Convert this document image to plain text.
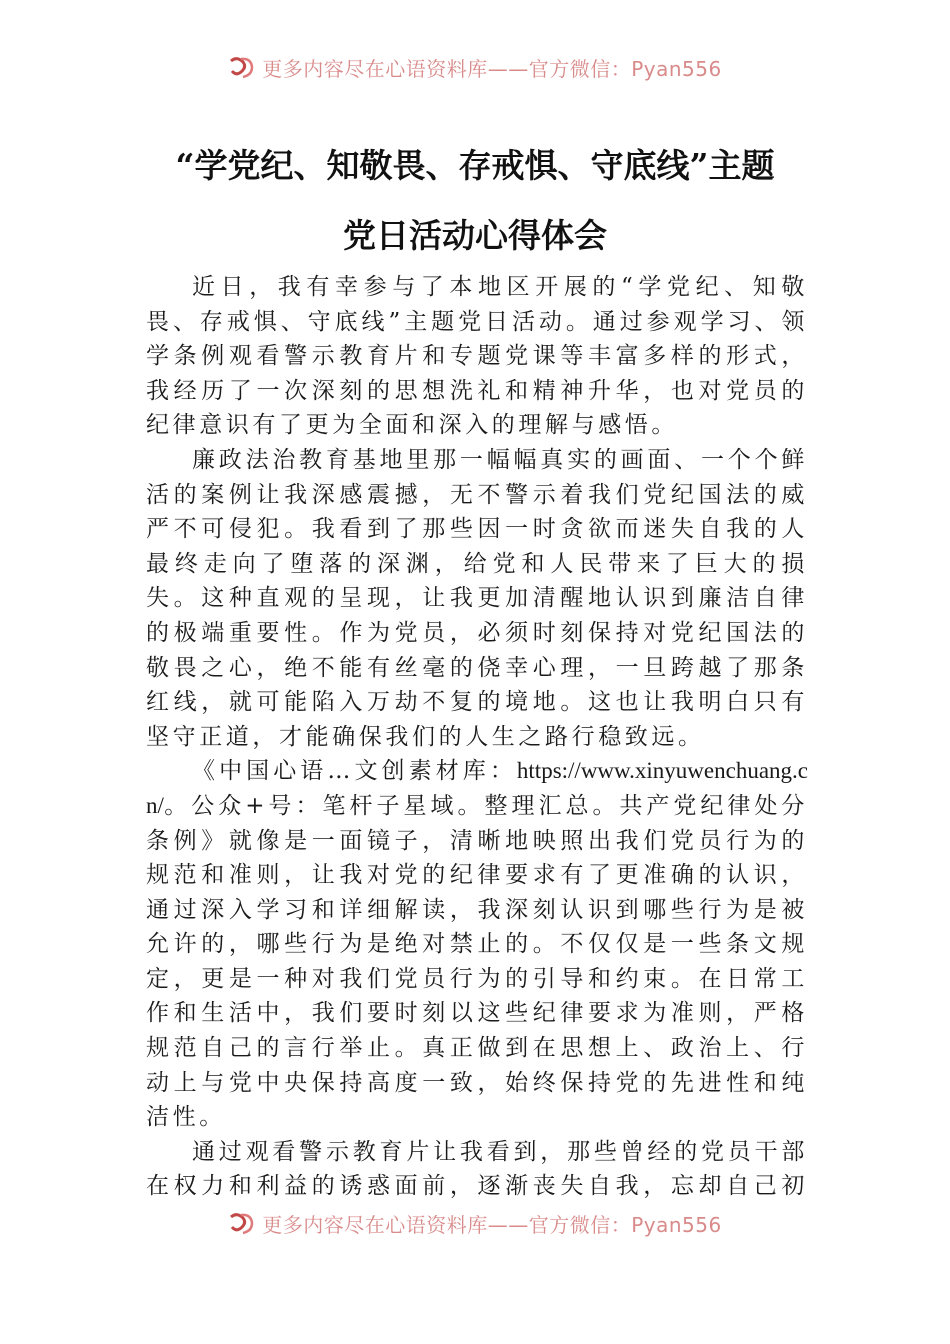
更多内容尽在心语资料库——官方微信：Pyan556
“学党纪、知敬畏、存戒惧、守底线”主题
党日活动心得体会

近日，我有幸参与了本地区开展的“学党纪、知敬畏、存戒惧、守底线”主题党日活动。通过参观学习、领学条例观看警示教育片和专题党课等丰富多样的形式，我经历了一次深刻的思想洗礼和精神升华，也对党员的纪律意识有了更为全面和深入的理解与感悟。

廉政法治教育基地里那一幅幅真实的画面、一个个鲜活的案例让我深感震撼，无不警示着我们党纪国法的威严不可侵犯。我看到了那些因一时贪欲而迷失自我的人最终走向了堕落的深渊，给党和人民带来了巨大的损失。这种直观的呈现，让我更加清醒地认识到廉洁自律的极端重要性。作为党员，必须时刻保持对党纪国法的敬畏之心，绝不能有丝毫的侥幸心理，一旦跨越了那条红线，就可能陷入万劫不复的境地。这也让我明白只有坚守正道，才能确保我们的人生之路行稳致远。

《中国心语…文创素材库：https://www.xinyuwenchuang.cn/。公众+号：笔杆子星域。整理汇总。共产党纪律处分条例》就像是一面镜子，清晰地映照出我们党员行为的规范和准则，让我对党的纪律要求有了更准确的认识，通过深入学习和详细解读，我深刻认识到哪些行为是被允许的，哪些行为是绝对禁止的。不仅仅是一些条文规定，更是一种对我们党员行为的引导和约束。在日常工作和生活中，我们要时刻以这些纪律要求为准则，严格规范自己的言行举止。真正做到在思想上、政治上、行动上与党中央保持高度一致，始终保持党的先进性和纯洁性。

通过观看警示教育片让我看到，那些曾经的党员干部在权力和利益的诱惑面前，逐渐丧失自我，忘却自己初

更多内容尽在心语资料库——官方微信：Pyan556
